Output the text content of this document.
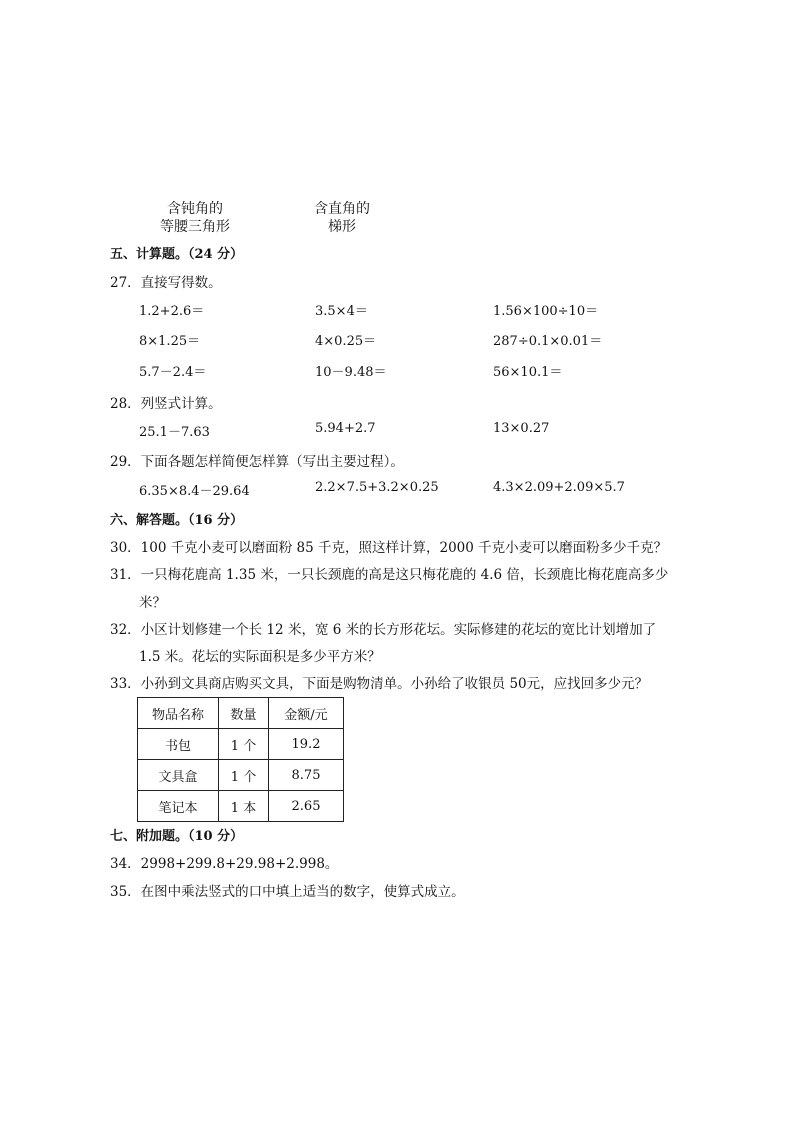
含钝角的
等腰三角形
含直角的
梯形
五、计算题。（24 分）
27．直接写得数。
1.2+2.6＝	3.5×4＝	1.56×100÷10＝
8×1.25＝	4×0.25＝	287÷0.1×0.01＝
5.7－2.4＝	10－9.48＝	56×10.1＝
28．列竖式计算。
25.1－7.63	5.94+2.7	13×0.27
29．下面各题怎样简便怎样算（写出主要过程）。
6.35×8.4－29.64	2.2×7.5+3.2×0.25	4.3×2.09+2.09×5.7
六、解答题。（16 分）
30．100 千克小麦可以磨面粉 85 千克，照这样计算，2000 千克小麦可以磨面粉多少千克？
31．一只梅花鹿高 1.35 米，一只长颈鹿的高是这只梅花鹿的 4.6 倍，长颈鹿比梅花鹿高多少
米？
32．小区计划修建一个长 12 米，宽 6 米的长方形花坛。实际修建的花坛的宽比计划增加了
1.5 米。花坛的实际面积是多少平方米？
33．小孙到文具商店购买文具，下面是购物清单。小孙给了收银员 50元，应找回多少元？
物品名称	数量	金额/元
书包	1 个	19.2
文具盒	1 个	8.75
笔记本	1 本	2.65
七、附加题。（10 分）
34．2998+299.8+29.98+2.998。
35．在图中乘法竖式的口中填上适当的数字，使算式成立。
